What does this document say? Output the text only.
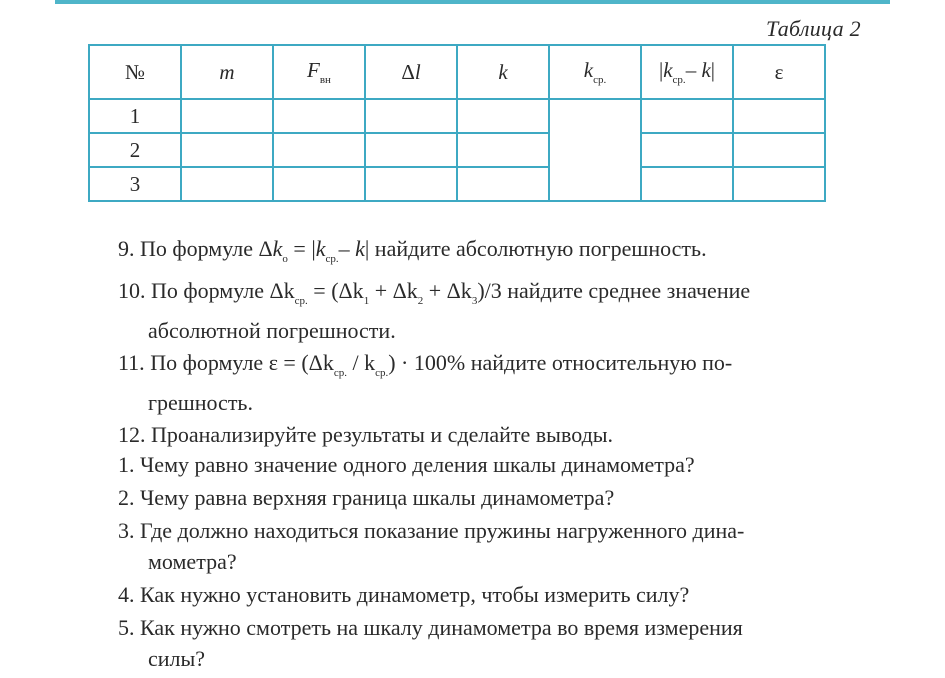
Таблица 2
№	m	$F_{вн}$	Δl	k	$k_{ср.}$	$|k_{ср.}-$ k|	ε
1							
2							
3							
9. По формуле $\Delta k_о = |k_{ср.}-$ k| найдите абсолютную погрешность.
10. По формуле $\Delta k_{ср.} = (\Delta k_1 + \Delta k_2 + \Delta k_3)/3$ найдите среднее значение
абсолютной погрешности.
11. По формуле $\varepsilon = (\Delta k_{ср.} / k_{ср.}) \cdot 100\%$ найдите относительную по-
грешность.
12. Проанализируйте результаты и сделайте выводы.
1. Чему равно значение одного деления шкалы динамометра?
2. Чему равна верхняя граница шкалы динамометра?
3. Где должно находиться показание пружины нагруженного дина-
мометра?
4. Как нужно установить динамометр, чтобы измерить силу?
5. Как нужно смотреть на шкалу динамометра во время измерения
силы?
